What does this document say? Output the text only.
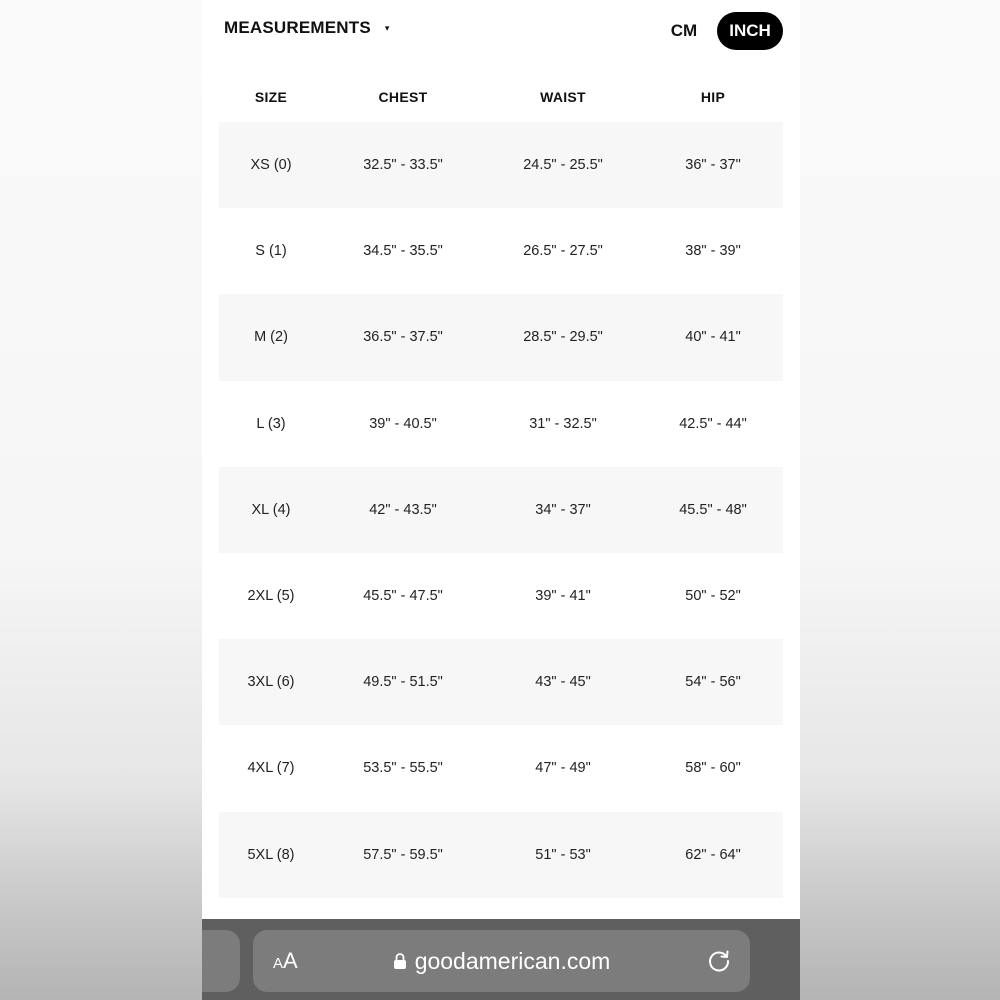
MEASUREMENTS ▾	CM	INCH
SIZE	CHEST	WAIST	HIP
XS (0)	32.5" - 33.5"	24.5" - 25.5"	36" - 37"
S (1)	34.5" - 35.5"	26.5" - 27.5"	38" - 39"
M (2)	36.5" - 37.5"	28.5" - 29.5"	40" - 41"
L (3)	39" - 40.5"	31" - 32.5"	42.5" - 44"
XL (4)	42" - 43.5"	34" - 37"	45.5" - 48"
2XL (5)	45.5" - 47.5"	39" - 41"	50" - 52"
3XL (6)	49.5" - 51.5"	43" - 45"	54" - 56"
4XL (7)	53.5" - 55.5"	47" - 49"	58" - 60"
5XL (8)	57.5" - 59.5"	51" - 53"	62" - 64"
AA	goodamerican.com
